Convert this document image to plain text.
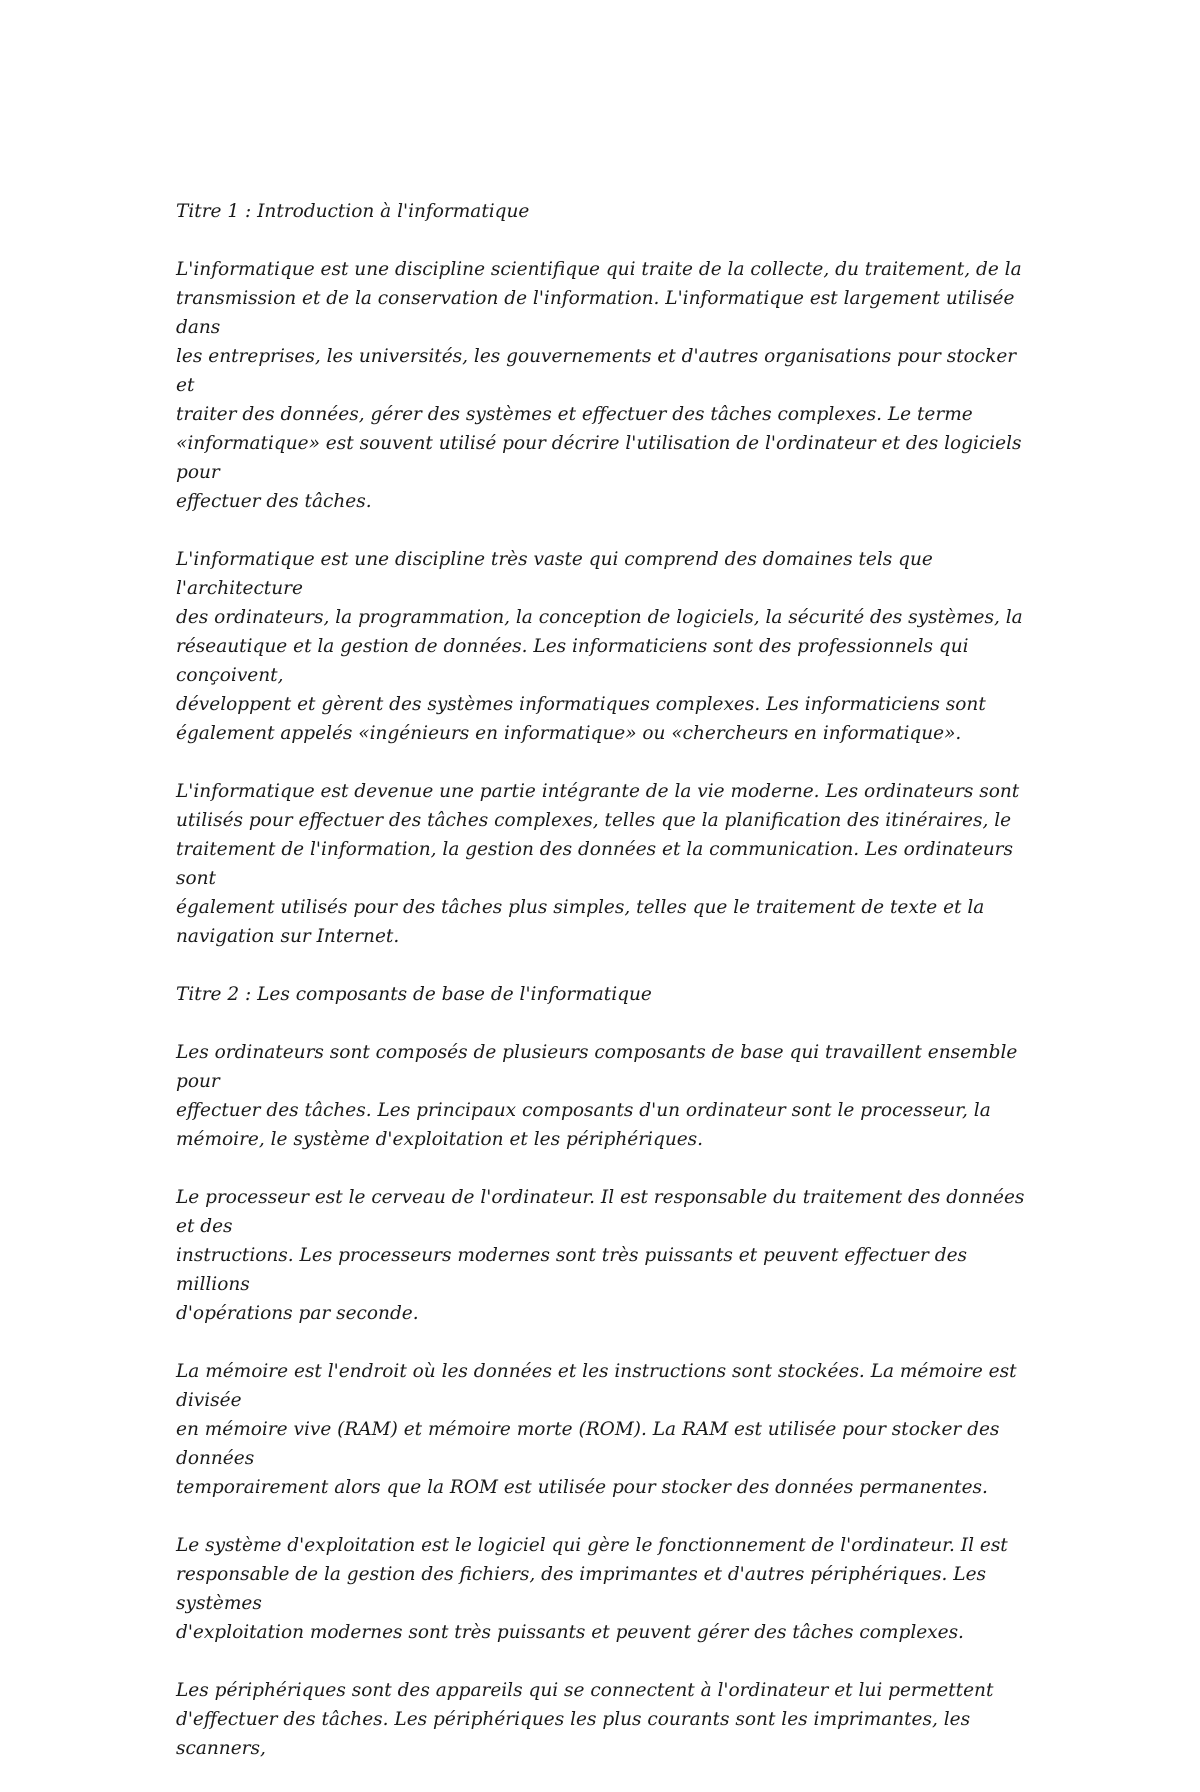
Titre 1 : Introduction à l'informatique
L'informatique est une discipline scientifique qui traite de la collecte, du traitement, de la
transmission et de la conservation de l'information. L'informatique est largement utilisée dans
les entreprises, les universités, les gouvernements et d'autres organisations pour stocker et
traiter des données, gérer des systèmes et effectuer des tâches complexes. Le terme
«informatique» est souvent utilisé pour décrire l'utilisation de l'ordinateur et des logiciels pour
effectuer des tâches.
L'informatique est une discipline très vaste qui comprend des domaines tels que l'architecture
des ordinateurs, la programmation, la conception de logiciels, la sécurité des systèmes, la
réseautique et la gestion de données. Les informaticiens sont des professionnels qui conçoivent,
développent et gèrent des systèmes informatiques complexes. Les informaticiens sont
également appelés «ingénieurs en informatique» ou «chercheurs en informatique».
L'informatique est devenue une partie intégrante de la vie moderne. Les ordinateurs sont
utilisés pour effectuer des tâches complexes, telles que la planification des itinéraires, le
traitement de l'information, la gestion des données et la communication. Les ordinateurs sont
également utilisés pour des tâches plus simples, telles que le traitement de texte et la
navigation sur Internet.
Titre 2 : Les composants de base de l'informatique
Les ordinateurs sont composés de plusieurs composants de base qui travaillent ensemble pour
effectuer des tâches. Les principaux composants d'un ordinateur sont le processeur, la
mémoire, le système d'exploitation et les périphériques.
Le processeur est le cerveau de l'ordinateur. Il est responsable du traitement des données et des
instructions. Les processeurs modernes sont très puissants et peuvent effectuer des millions
d'opérations par seconde.
La mémoire est l'endroit où les données et les instructions sont stockées. La mémoire est divisée
en mémoire vive (RAM) et mémoire morte (ROM). La RAM est utilisée pour stocker des données
temporairement alors que la ROM est utilisée pour stocker des données permanentes.
Le système d'exploitation est le logiciel qui gère le fonctionnement de l'ordinateur. Il est
responsable de la gestion des fichiers, des imprimantes et d'autres périphériques. Les systèmes
d'exploitation modernes sont très puissants et peuvent gérer des tâches complexes.
Les périphériques sont des appareils qui se connectent à l'ordinateur et lui permettent
d'effectuer des tâches. Les périphériques les plus courants sont les imprimantes, les scanners,
